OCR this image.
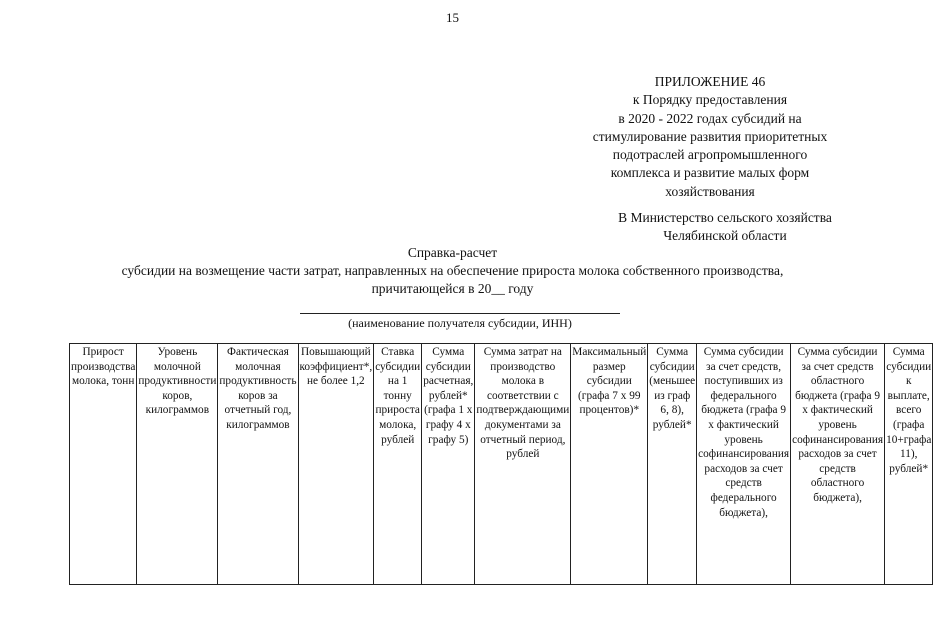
15
ПРИЛОЖЕНИЕ 46
к Порядку предоставления
в 2020 - 2022 годах субсидий на
стимулирование развития приоритетных
подотраслей агропромышленного
комплекса и развитие малых форм
хозяйствования
В Министерство сельского хозяйства
Челябинской области
Справка-расчет
субсидии на возмещение части затрат, направленных на обеспечение прироста молока собственного производства,
причитающейся в 20__ году
(наименование получателя субсидии, ИНН)
Прирост производства молока, тонн	Уровень молочной продуктивности коров, килограммов	Фактическая молочная продуктивность коров за отчетный год, килограммов	Повышающий коэффициент*, не более 1,2	Ставка субсидии на 1 тонну прироста молока, рублей	Сумма субсидии расчетная, рублей* (графа 1 х графу 4 х графу 5)	Сумма затрат на производство молока в соответствии с подтверждающими документами за отчетный период, рублей	Максимальный размер субсидии (графа 7 х 99 процентов)*	Сумма субсидии (меньшее из граф 6, 8), рублей*	Сумма субсидии за счет средств, поступивших из федерального бюджета (графа 9 х фактический уровень софинансирования расходов за счет средств федерального бюджета),	Сумма субсидии за счет средств областного бюджета (графа 9 х фактический уровень софинансирования расходов за счет средств областного бюджета),	Сумма субсидии к выплате, всего (графа 10+графа 11), рублей*
